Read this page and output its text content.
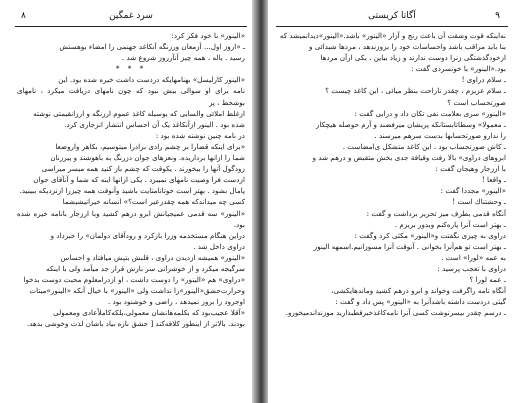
٨	سرد غمگین

«الینور» با خود فکر کرد:

ـ «اروز اول... آزمعان ورزنگه آنکاغد جهنمی را امضاء بوهستش

رسید . باله ، همه چیز آنآرروز شروع شد .

* * *

«الینور کارلیسل» بهنامهایکه دردست داشت خیره شده بود. این

نامه برای او سوالی بیش نبود که چون نامهای دریافت میکرد ، نامهای بوشخط ، پر

ازغلط املائی والسایی که بوسیله کاغذ عموم ارزنگه و ارزانقیمتی نوشته

شده بود . الینور ازآنکاغذ یک آن احساس انتشار انزجاری کرد.

در نامه چنین نوشته شده بود :

«برای اینکه قضارا بر چشم رادی برادرا میتوسیم، بکاهر واروضعا

شما را ازانها برداریده. ونعزهای جوان دزرنگ به باهوشند و پیرزنان

زودگول آنها را بیخورند . یکوقت که چشم باز کنید همه میسر میراسی

ازدست فرا وصیت نامهای نمیبرد . یکی ازانها اینه که شما و آنآقای جوان

پامال بشود . بهتر است خوتانامتایت باشید وآنوقت همه چیزرا ازنزدیکه ببینید.

کسی چه میداندکه همه چقدرعیر است؟» انسانه خیرانیشیشما

«الینور» سه قدمی عمیجیانش ابرو درهم کشید وبا ارزجار بانامه خیره شده بود.

دراین هنگام مستخدمه وزرا بازکرد و رودآقای دولمان» را خبرداد و

دراوی داخل شد .

«الینور» همیشه ازدیدن دراوی ، قلبش بتپش میافتاد و احساس

سرگیجه میکرد و از خوشرانی سر بارش قرار جد میآمد ولی با اینکه

«دراوی» هم «الینور» را دوست داشت ، او ازدرامعلوم محبت دوست بدخوا

وحرارت‌حشق«الینور»را نداشت ولی «الینور» با خیال آنکه «الینور»میتات

اوجرود را بروز نمیدهد ، راضی و خوشنود بود .

«آقلا عجیب‌بود که بکلمه‌هانشان معمولی،بلکه‌کاملاًعادی ومعمولی

بودند. بالاتر از اینطور کلافه‌کند [ حشق نازه بیاد باشان لذت وخوشی بدهد.

٩
آگاتا کریستی

نه‌اینکه قوت وشقت آن باعث رنج و آزار «الینور» باشد.«الینور»دیدانمیشد که

بنا باید مراقب باشد واحساسات خود را بروزندهد ، مردها شیدائی و

ازخودگذشتگی زنرا دوست ندارند و زیاد بیاین ، یکی ازآن مردها

بود.«الینور» با خونسردی گفت :

ـ سلام دراوی !

ـ سلام عزیزم ، چقدر ناراحت بنظر میائی ، این کاغذ چیست ؟

صورتحساب است ؟

«الینور» سری بعلامت نفی تکان داد و درابی گفت :

ـ معمولا» وسطاتابستانکه پریشان میرفضند و آرم حوصله هیچکار

را ندارو صورتحسابها بدست سرهم میرسند .

ـ کاش صورتحساب بود ، این کاغذ متشکل ی‌امضاست .

ابروهای دراوی» بالا رفت وقیافة جدی بخش متقبض و درهم شد و

با اززجار وهیجان گفت :

ـ واقعا !

«الینور» مجددا گفت :

ـ وحشتناك است !

آنگاه قدمی بطرف میز تحریر برداشت و گفت :

ـ بهتر است آنرا پاره‌کنم وبدور بریزم .

دراوی به چیزی نگفتت و«الینور» مکثی کرد وگفت :

ـ بهتر است تو هم‌آنرا بخوانی . آنوقت آنرا مسوزانیم.اسمهه الینور

به عمه «لورا» است .

دراوی با تعجب پرسید :

ـ عمه لورا ؟

آنگاه نامه راگرفت وخواند و ابرو درهم کشید وماندهایکشی،

گیتی دردست داشته باشدآنرا به «الینور» پس داد و گفت :

ـ درسم چقدر بیسرنوشت کسی آنرا نامه‌کاغذ‌خبرقطبذارید موزنداندمیخورو.
